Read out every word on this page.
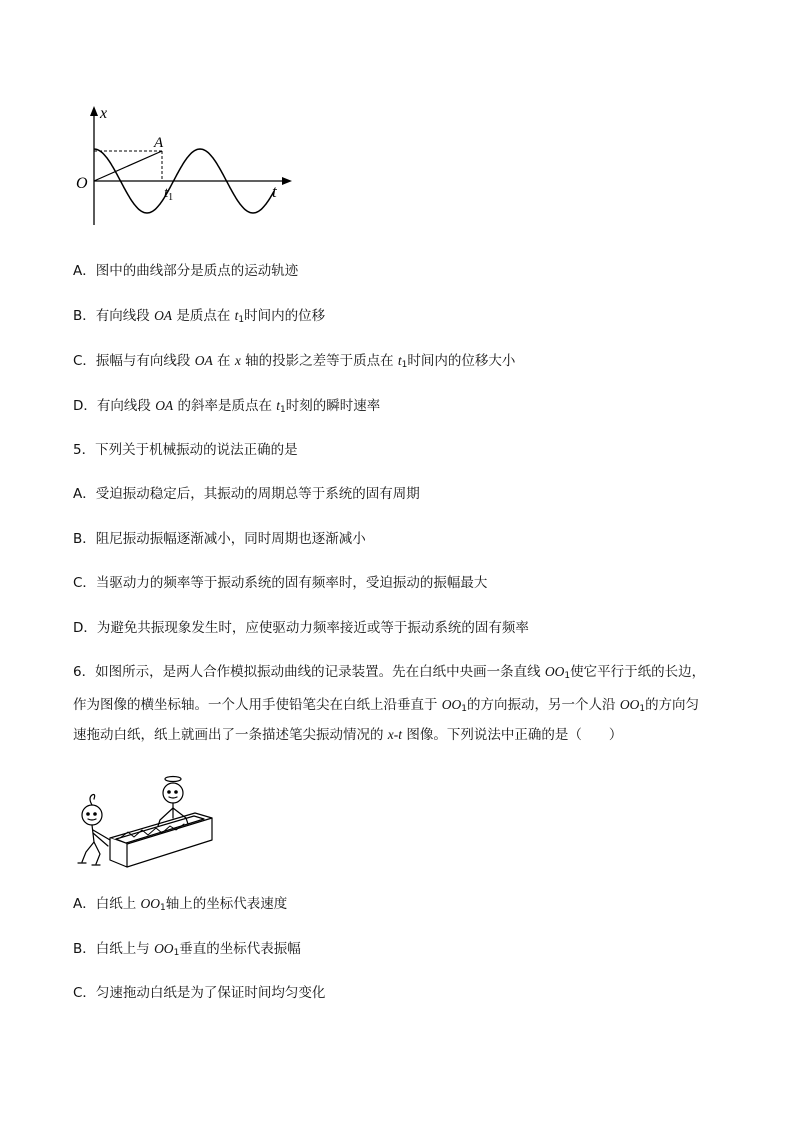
x
t
O
A
$t_1$
A．图中的曲线部分是质点的运动轨迹
B．有向线段 OA 是质点在 $t_1$时间内的位移
C．振幅与有向线段 OA 在 x 轴的投影之差等于质点在 $t_1$时间内的位移大小
D．有向线段 OA 的斜率是质点在 $t_1$时刻的瞬时速率
5．下列关于机械振动的说法正确的是
A．受迫振动稳定后，其振动的周期总等于系统的固有周期
B．阻尼振动振幅逐渐减小，同时周期也逐渐减小
C．当驱动力的频率等于振动系统的固有频率时，受迫振动的振幅最大
D．为避免共振现象发生时，应使驱动力频率接近或等于振动系统的固有频率
6．如图所示，是两人合作模拟振动曲线的记录装置。先在白纸中央画一条直线 $OO_1$使它平行于纸的长边，
作为图像的横坐标轴。一个人用手使铅笔尖在白纸上沿垂直于 $OO_1$的方向振动，另一个人沿 $OO_1$的方向匀
速拖动白纸，纸上就画出了一条描述笔尖振动情况的 x-t 图像。下列说法中正确的是（　　）
A．白纸上 $OO_1$轴上的坐标代表速度
B．白纸上与 $OO_1$垂直的坐标代表振幅
C．匀速拖动白纸是为了保证时间均匀变化
